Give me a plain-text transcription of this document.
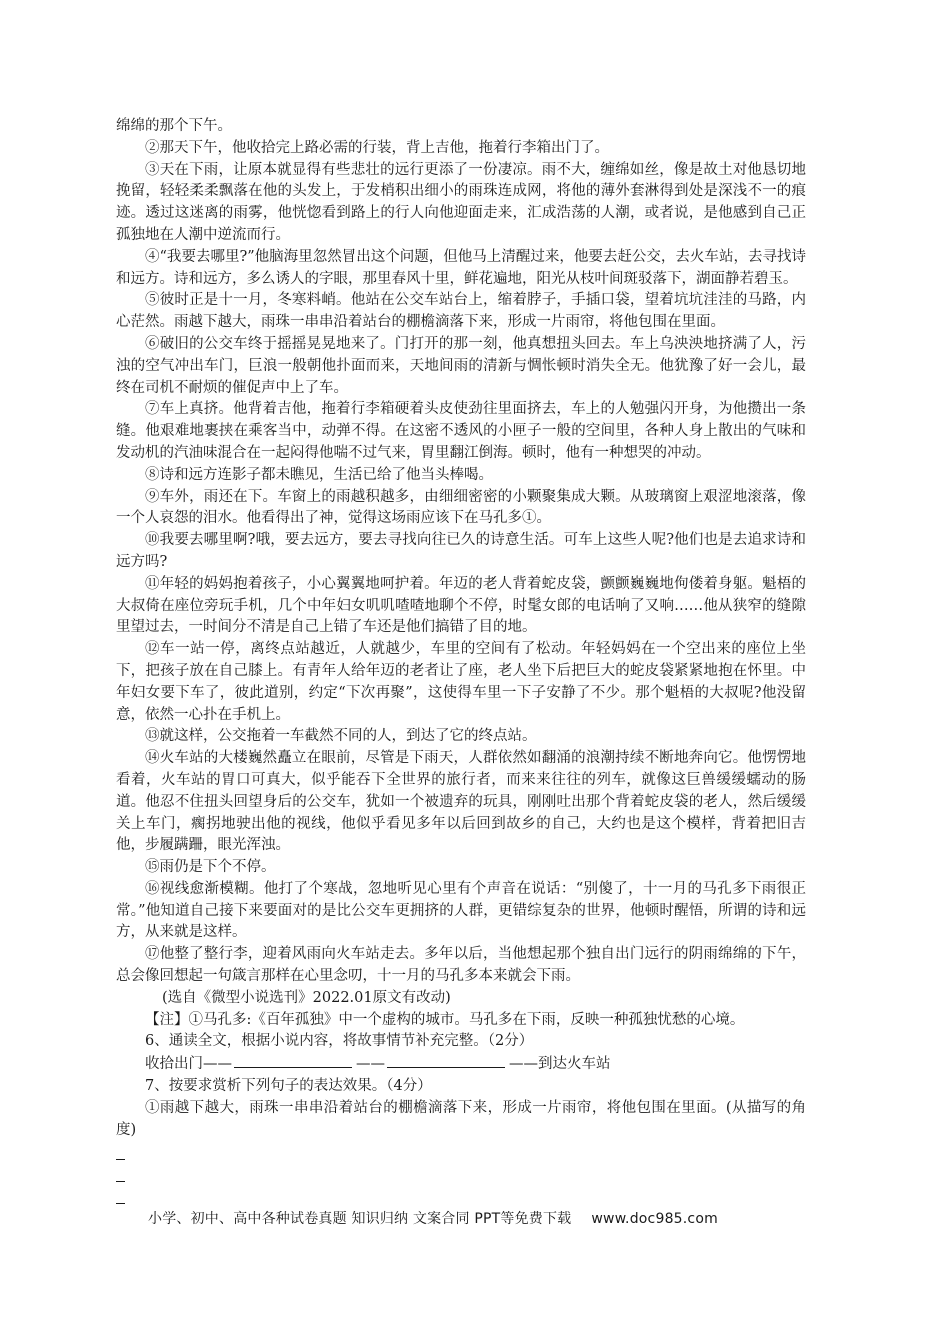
绵绵的那个下午。

②那天下午，他收拾完上路必需的行装，背上吉他，拖着行李箱出门了。

③天在下雨，让原本就显得有些悲壮的远行更添了一份凄凉。雨不大，缠绵如丝，像是故土对他恳切地挽留，轻轻柔柔飘落在他的头发上，于发梢积出细小的雨珠连成网，将他的薄外套淋得到处是深浅不一的痕迹。透过这迷离的雨雾，他恍惚看到路上的行人向他迎面走来，汇成浩荡的人潮，或者说，是他感到自己正孤独地在人潮中逆流而行。

④“我要去哪里?”他脑海里忽然冒出这个问题，但他马上清醒过来，他要去赶公交，去火车站，去寻找诗和远方。诗和远方，多么诱人的字眼，那里春风十里，鲜花遍地，阳光从枝叶间斑驳落下，湖面静若碧玉。

⑤彼时正是十一月，冬寒料峭。他站在公交车站台上，缩着脖子，手插口袋，望着坑坑洼洼的马路，内心茫然。雨越下越大，雨珠一串串沿着站台的棚檐滴落下来，形成一片雨帘，将他包围在里面。

⑥破旧的公交车终于摇摇晃晃地来了。门打开的那一刻，他真想扭头回去。车上乌泱泱地挤满了人，污浊的空气冲出车门，巨浪一般朝他扑面而来，天地间雨的清新与惆怅顿时消失全无。他犹豫了好一会儿，最终在司机不耐烦的催促声中上了车。

⑦车上真挤。他背着吉他，拖着行李箱硬着头皮使劲往里面挤去，车上的人勉强闪开身，为他攒出一条缝。他艰难地裹挟在乘客当中，动弹不得。在这密不透风的小匣子一般的空间里，各种人身上散出的气味和发动机的汽油味混合在一起闷得他喘不过气来，胃里翻江倒海。顿时，他有一种想哭的冲动。

⑧诗和远方连影子都未瞧见，生活已给了他当头棒喝。

⑨车外，雨还在下。车窗上的雨越积越多，由细细密密的小颗聚集成大颗。从玻璃窗上艰涩地滚落，像一个人哀怨的泪水。他看得出了神，觉得这场雨应该下在马孔多①。

⑩我要去哪里啊?哦，要去远方，要去寻找向往已久的诗意生活。可车上这些人呢?他们也是去追求诗和远方吗?

⑪年轻的妈妈抱着孩子，小心翼翼地呵护着。年迈的老人背着蛇皮袋，颤颤巍巍地佝偻着身躯。魁梧的大叔倚在座位旁玩手机，几个中年妇女叽叽喳喳地聊个不停，时髦女郎的电话响了又响……他从狭窄的缝隙里望过去，一时间分不清是自己上错了车还是他们搞错了目的地。

⑫车一站一停，离终点站越近，人就越少，车里的空间有了松动。年轻妈妈在一个空出来的座位上坐下，把孩子放在自己膝上。有青年人给年迈的老者让了座，老人坐下后把巨大的蛇皮袋紧紧地抱在怀里。中年妇女要下车了，彼此道别，约定“下次再聚”，这使得车里一下子安静了不少。那个魁梧的大叔呢?他没留意，依然一心扑在手机上。

⑬就这样，公交拖着一车截然不同的人，到达了它的终点站。

⑭火车站的大楼巍然矗立在眼前，尽管是下雨天，人群依然如翻涌的浪潮持续不断地奔向它。他愣愣地看着，火车站的胃口可真大，似乎能吞下全世界的旅行者，而来来往往的列车，就像这巨兽缓缓蠕动的肠道。他忍不住扭头回望身后的公交车，犹如一个被遗弃的玩具，刚刚吐出那个背着蛇皮袋的老人，然后缓缓关上车门，瘸拐地驶出他的视线，他似乎看见多年以后回到故乡的自己，大约也是这个模样，背着把旧吉他，步履蹒跚，眼光浑浊。

⑮雨仍是下个不停。

⑯视线愈渐模糊。他打了个寒战，忽地听见心里有个声音在说话：“别傻了，十一月的马孔多下雨很正常。”他知道自己接下来要面对的是比公交车更拥挤的人群，更错综复杂的世界，他顿时醒悟，所谓的诗和远方，从来就是这样。

⑰他整了整行李，迎着风雨向火车站走去。多年以后，当他想起那个独自出门远行的阴雨绵绵的下午，总会像回想起一句箴言那样在心里念叨，十一月的马孔多本来就会下雨。

(选自《微型小说选刊》2022.01原文有改动)

【注】①马孔多:《百年孤独》中一个虚构的城市。马孔多在下雨，反映一种孤独忧愁的心境。

6、通读全文，根据小说内容，将故事情节补充完整。（2分）

收拾出门——	——	——到达火车站

7、按要求赏析下列句子的表达效果。（4分）

①雨越下越大，雨珠一串串沿着站台的棚檐滴落下来，形成一片雨帘，将他包围在里面。(从描写的角度)

小学、初中、高中各种试卷真题 知识归纳 文案合同 PPT等免费下载 www.doc985.com
